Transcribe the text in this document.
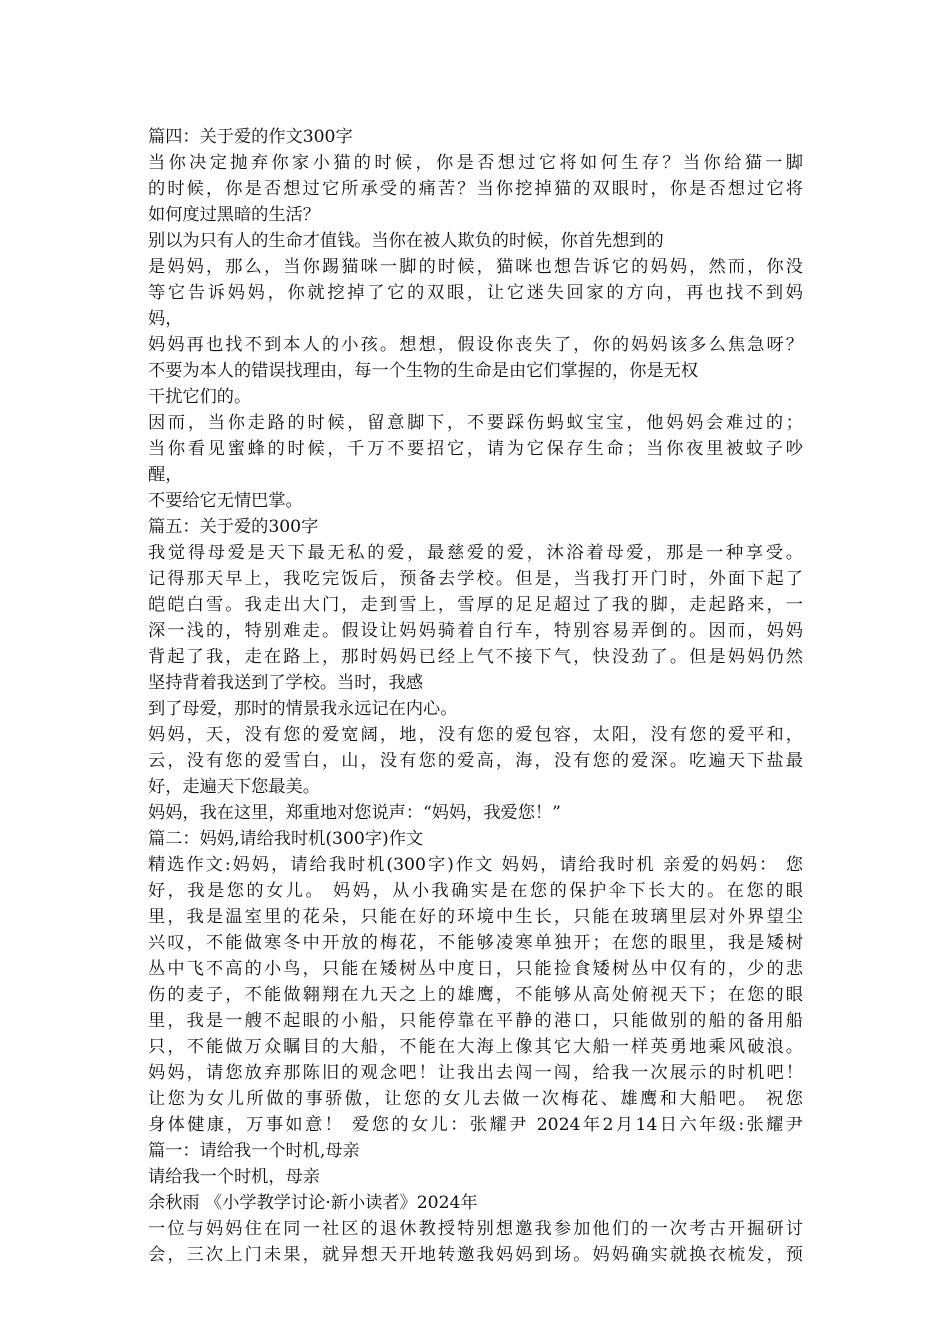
篇四：关于爱的作文300字
当你决定抛弃你家小猫的时候，你是否想过它将如何生存？当你给猫一脚
的时候，你是否想过它所承受的痛苦？当你挖掉猫的双眼时，你是否想过它将
如何度过黑暗的生活？
别以为只有人的生命才值钱。当你在被人欺负的时候，你首先想到的
是妈妈，那么，当你踢猫咪一脚的时候，猫咪也想告诉它的妈妈，然而，你没
等它告诉妈妈，你就挖掉了它的双眼，让它迷失回家的方向，再也找不到妈
妈，
妈妈再也找不到本人的小孩。想想，假设你丧失了，你的妈妈该多么焦急呀？
不要为本人的错误找理由，每一个生物的生命是由它们掌握的，你是无权
干扰它们的。
因而，当你走路的时候，留意脚下，不要踩伤蚂蚁宝宝，他妈妈会难过的；
当你看见蜜蜂的时候，千万不要招它，请为它保存生命；当你夜里被蚊子吵
醒，
不要给它无情巴掌。
篇五：关于爱的300字
我觉得母爱是天下最无私的爱，最慈爱的爱，沐浴着母爱，那是一种享受。
记得那天早上，我吃完饭后，预备去学校。但是，当我打开门时，外面下起了
皑皑白雪。我走出大门，走到雪上，雪厚的足足超过了我的脚，走起路来，一
深一浅的，特别难走。假设让妈妈骑着自行车，特别容易弄倒的。因而，妈妈
背起了我，走在路上，那时妈妈已经上气不接下气，快没劲了。但是妈妈仍然
坚持背着我送到了学校。当时，我感
到了母爱，那时的情景我永远记在内心。
妈妈，天，没有您的爱宽阔，地，没有您的爱包容，太阳，没有您的爱平和，
云，没有您的爱雪白，山，没有您的爱高，海，没有您的爱深。吃遍天下盐最
好，走遍天下您最美。
妈妈，我在这里，郑重地对您说声：“妈妈，我爱您！”
篇二：妈妈,请给我时机(300字)作文
精选作文:妈妈，请给我时机(300字)作文 妈妈，请给我时机 亲爱的妈妈： 您
好，我是您的女儿。 妈妈，从小我确实是在您的保护伞下长大的。在您的眼
里，我是温室里的花朵，只能在好的环境中生长，只能在玻璃里层对外界望尘
兴叹，不能做寒冬中开放的梅花，不能够凌寒单独开；在您的眼里，我是矮树
丛中飞不高的小鸟，只能在矮树丛中度日，只能捡食矮树丛中仅有的，少的悲
伤的麦子，不能做翱翔在九天之上的雄鹰，不能够从高处俯视天下；在您的眼
里，我是一艘不起眼的小船，只能停靠在平静的港口，只能做别的船的备用船
只，不能做万众瞩目的大船，不能在大海上像其它大船一样英勇地乘风破浪。
妈妈，请您放弃那陈旧的观念吧！让我出去闯一闯，给我一次展示的时机吧！
让您为女儿所做的事骄傲，让您的女儿去做一次梅花、雄鹰和大船吧。 祝您
身体健康，万事如意！ 爱您的女儿：张耀尹 2024年2月14日六年级:张耀尹
篇一：请给我一个时机,母亲
请给我一个时机，母亲
余秋雨 《小学教学讨论·新小读者》2024年
一位与妈妈住在同一社区的退休教授特别想邀我参加他们的一次考古开掘研讨
会，三次上门未果，就异想天开地转邀我妈妈到场。妈妈确实就换衣梳发，预
